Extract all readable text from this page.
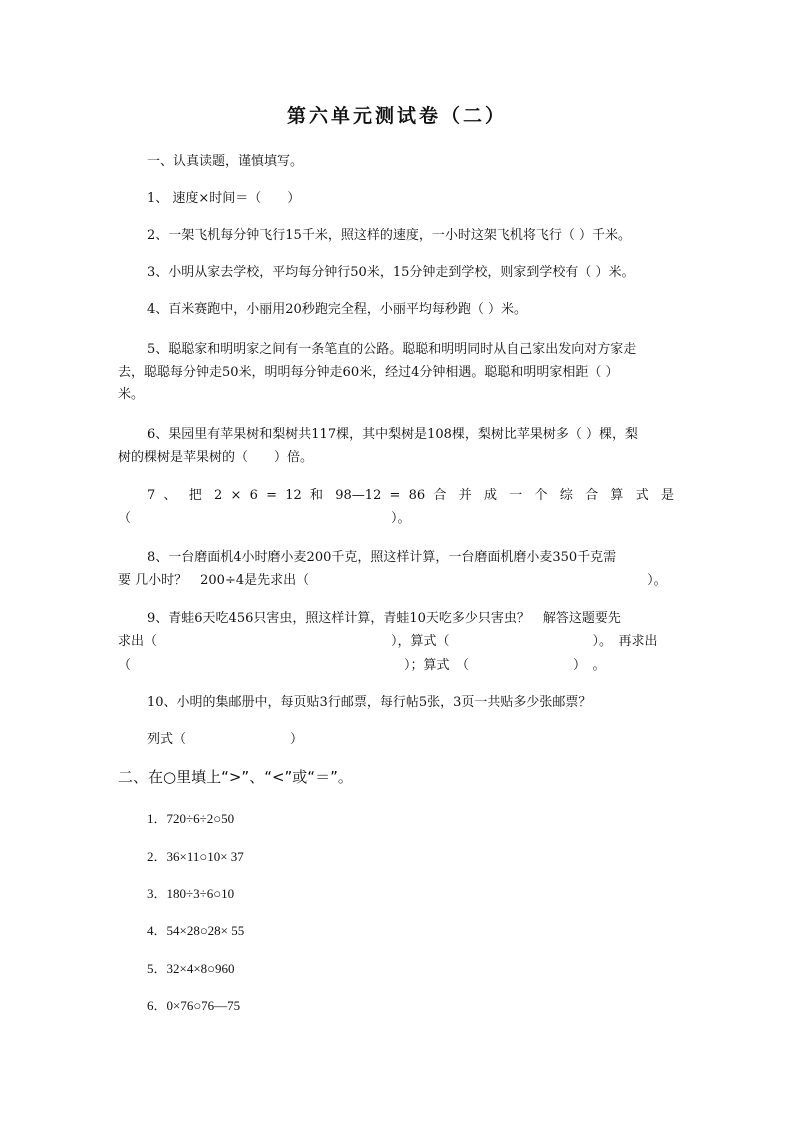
第六单元测试卷（二）
一、认真读题，谨慎填写。
1、 速度×时间＝（　　）
2、一架飞机每分钟飞行15千米，照这样的速度，一小时这架飞机将飞行（ ）千米。
3、小明从家去学校，平均每分钟行50米，15分钟走到学校，则家到学校有（ ）米。
4、百米赛跑中，小丽用20秒跑完全程，小丽平均每秒跑（ ）米。
5、聪聪家和明明家之间有一条笔直的公路。聪聪和明明同时从自己家出发向对方家走
去，聪聪每分钟走50米，明明每分钟走60米，经过4分钟相遇。聪聪和明明家相距（ ）
米。
6、果园里有苹果树和梨树共117棵，其中梨树是108棵，梨树比苹果树多（ ）棵，梨
树的棵树是苹果树的（　　）倍。
7 、 把 2 × 6 = 12 和 98—12 = 86 合 并 成 一 个 综 合 算 式 是
（　　　　　　　　　　　　　　　　　　　　）。
8、一台磨面机4小时磨小麦200千克，照这样计算，一台磨面机磨小麦350千克需
要 几小时？　200÷4是先求出（　　　　　　　　　　　　　　　　　　　　　　　　　　）。
9、青蛙6天吃456只害虫，照这样计算，青蛙10天吃多少只害虫？　解答这题要先
求出（　　　　　　　　　　　　　　　　　　），算式（　　　　　　　　　　　）。　再求出
（　　　　　　　　　　　　　　　　　　　　　）；算式　（　　　　　　　　）　。
10、小明的集邮册中，每页贴3行邮票，每行帖5张，3页一共贴多少张邮票？
列式（　　　　　　　　）
二、在○里填上“>”、“<”或“＝”。
1．720÷6÷2○50
2．36×11○10× 37
3．180÷3÷6○10
4．54×28○28× 55
5．32×4×8○960
6．0×76○76—75
